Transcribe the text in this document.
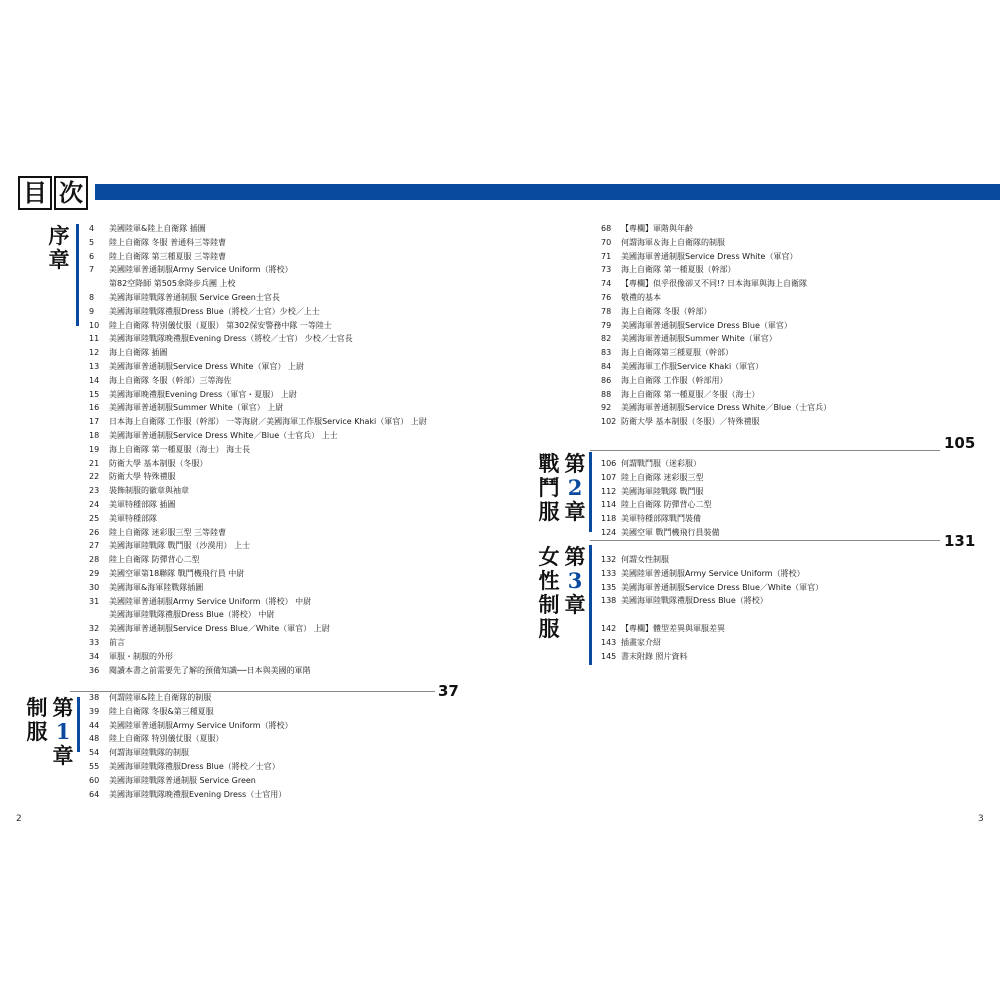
目 次
序
章
4 美國陸軍&陸上自衛隊 插圖
5 陸上自衛隊 冬服 普通科三等陸曹
6 陸上自衛隊 第三種夏服 三等陸曹
7 美國陸軍普通制服Army Service Uniform（將校）
第82空降師 第505傘降步兵團 上校
8 美國海軍陸戰隊普通制服 Service Green士官長
9 美國海軍陸戰隊禮服Dress Blue（將校／士官）少校／上士
10 陸上自衛隊 特別儀仗服（夏服） 第302保安警務中隊 一等陸士
11 美國海軍陸戰隊晚禮服Evening Dress（將校／士官） 少校／士官長
12 海上自衛隊 插圖
13 美國海軍普通制服Service Dress White（軍官） 上尉
14 海上自衛隊 冬服（幹部）三等海佐
15 美國海軍晚禮服Evening Dress（軍官・夏服） 上尉
16 美國海軍普通制服Summer White（軍官） 上尉
17 日本海上自衛隊 工作服（幹部） 一等海尉／美國海軍工作服Service Khaki（軍官） 上尉
18 美國海軍普通制服Service Dress White／Blue（士官兵） 上士
19 海上自衛隊 第一種夏服（海士） 海士長
21 防衛大學 基本制服（冬服）
22 防衛大學 特殊禮服
23 裝飾制服的徽章與袖章
24 美軍特種部隊 插圖
25 美軍特種部隊
26 陸上自衛隊 迷彩服三型 三等陸曹
27 美國海軍陸戰隊 戰鬥服（沙漠用） 上士
28 陸上自衛隊 防彈背心二型
29 美國空軍第18聯隊 戰鬥機飛行員 中尉
30 美國海軍&海軍陸戰隊插圖
31 美國陸軍普通制服Army Service Uniform（將校） 中尉
美國海軍陸戰隊禮服Dress Blue（將校） 中尉
32 美國海軍普通制服Service Dress Blue／White（軍官） 上尉
33 前言
34 軍服・制服的外形
36 閱讀本書之前需要先了解的預備知識──日本與美國的軍階
37
制
服
第
1
章
38 何謂陸軍&陸上自衛隊的制服
39 陸上自衛隊 冬服&第三種夏服
44 美國陸軍普通制服Army Service Uniform（將校）
48 陸上自衛隊 特別儀仗服（夏服）
54 何謂海軍陸戰隊的制服
55 美國海軍陸戰隊禮服Dress Blue（將校／士官）
60 美國海軍陸戰隊普通制服 Service Green
64 美國海軍陸戰隊晚禮服Evening Dress（士官用）
68 【專欄】軍階與年齡
70 何謂海軍＆海上自衛隊的制服
71 美國海軍普通制服Service Dress White（軍官）
73 海上自衛隊 第一種夏服（幹部）
74 【專欄】似乎很像卻又不同!? 日本海軍與海上自衛隊
76 敬禮的基本
78 海上自衛隊 冬服（幹部）
79 美國海軍普通制服Service Dress Blue（軍官）
82 美國海軍普通制服Summer White（軍官）
83 海上自衛隊第三種夏服（幹部）
84 美國海軍工作服Service Khaki（軍官）
86 海上自衛隊 工作服（幹部用）
88 海上自衛隊 第一種夏服／冬服（海士）
92 美國海軍普通制服Service Dress White／Blue（士官兵）
102 防衛大學 基本制服（冬服）／特殊禮服
105
戰
鬥
服
第
2
章
106 何謂戰鬥服（迷彩服）
107 陸上自衛隊 迷彩服三型
112 美國海軍陸戰隊 戰鬥服
114 陸上自衛隊 防彈背心二型
118 美軍特種部隊戰鬥裝備
124 美國空軍 戰鬥機飛行員裝備	131
女
性
制
服
第
3
章
132 何謂女性制服
133 美國陸軍普通制服Army Service Uniform（將校）
135 美國海軍普通制服Service Dress Blue／White（軍官）
138 美國海軍陸戰隊禮服Dress Blue（將校）
142 【專欄】體型差異與軍服差異
143 插畫家介紹
145 書末附錄 照片資料
2	3
